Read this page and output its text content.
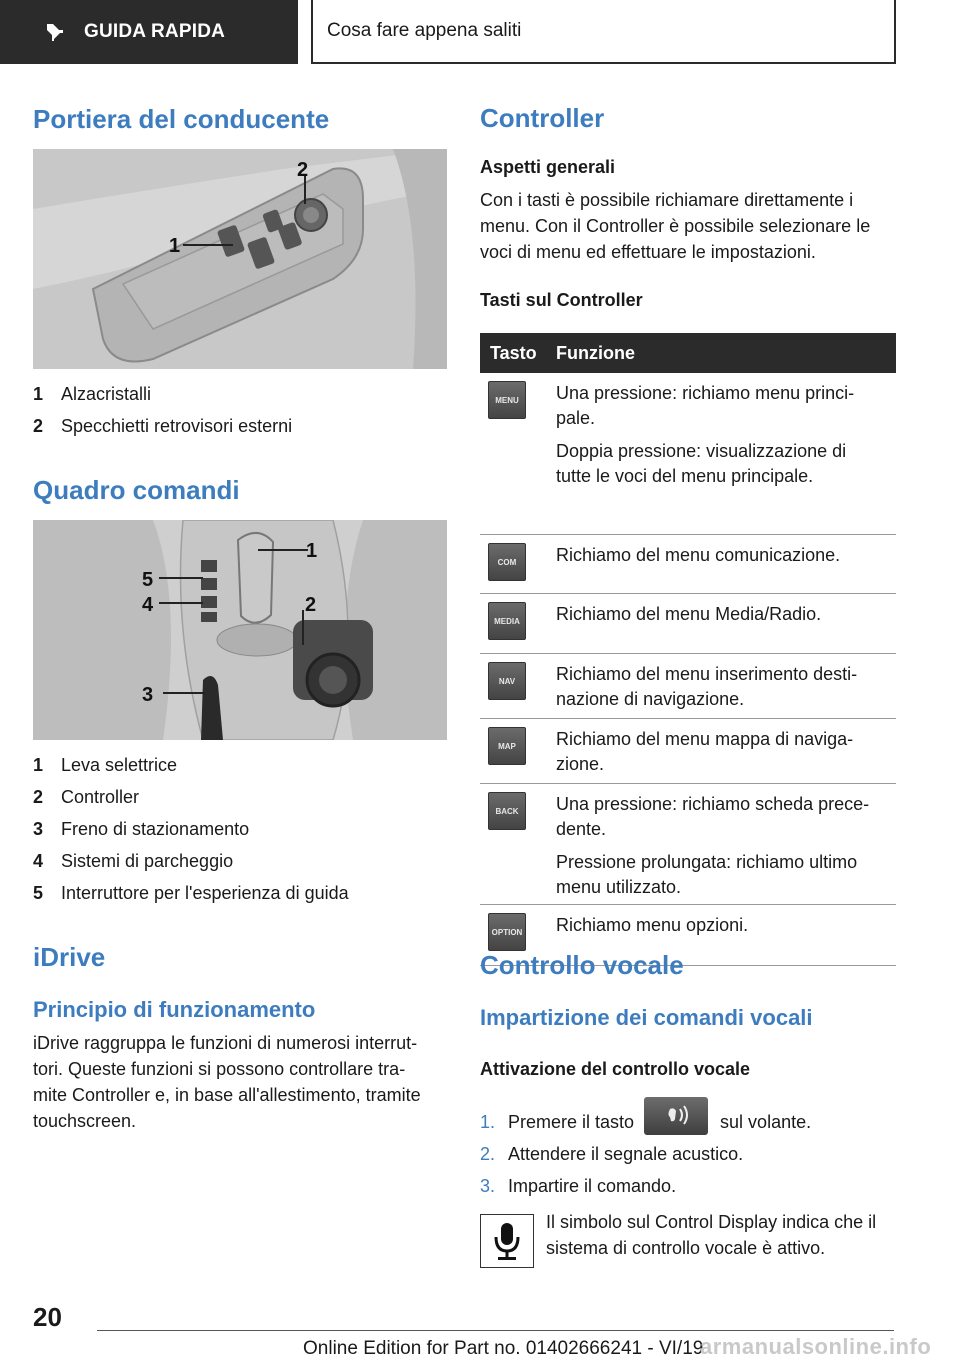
GUIDA RAPIDA	Cosa fare appena saliti
Portiera del conducente
1
2
1 Alzacristalli
2 Specchietti retrovisori esterni
Quadro comandi
1
2
3
4
5
1 Leva selettrice
2 Controller
3 Freno di stazionamento
4 Sistemi di parcheggio
5 Interruttore per l'esperienza di guida
iDrive
Principio di funzionamento
iDrive raggruppa le funzioni di numerosi interrut-
tori. Queste funzioni si possono controllare tra-
mite Controller e, in base all'allestimento, tramite
touchscreen.
Controller
Aspetti generali
Con i tasti è possibile richiamare direttamente i
menu. Con il Controller è possibile selezionare le
voci di menu ed effettuare le impostazioni.
Tasti sul Controller
Tasto	Funzione
MENU	Una pressione: richiamo menu princi-
pale.

Doppia pressione: visualizzazione di
tutte le voci del menu principale.

COM	Richiamo del menu comunicazione.

MEDIA	Richiamo del menu Media/Radio.

NAV	Richiamo del menu inserimento desti-
nazione di navigazione.

MAP	Richiamo del menu mappa di naviga-
zione.

BACK	Una pressione: richiamo scheda prece-
dente.

Pressione prolungata: richiamo ultimo
menu utilizzato.

OPTION Richiamo menu opzioni.

Controllo vocale
Impartizione dei comandi vocali
Attivazione del controllo vocale
1. Premere il tasto	sul volante.
2. Attendere il segnale acustico.
3. Impartire il comando.
Il simbolo sul Control Display indica che il
sistema di controllo vocale è attivo.
20
Online Edition for Part no. 01402666241 - VI/19
armanualsonline.info
